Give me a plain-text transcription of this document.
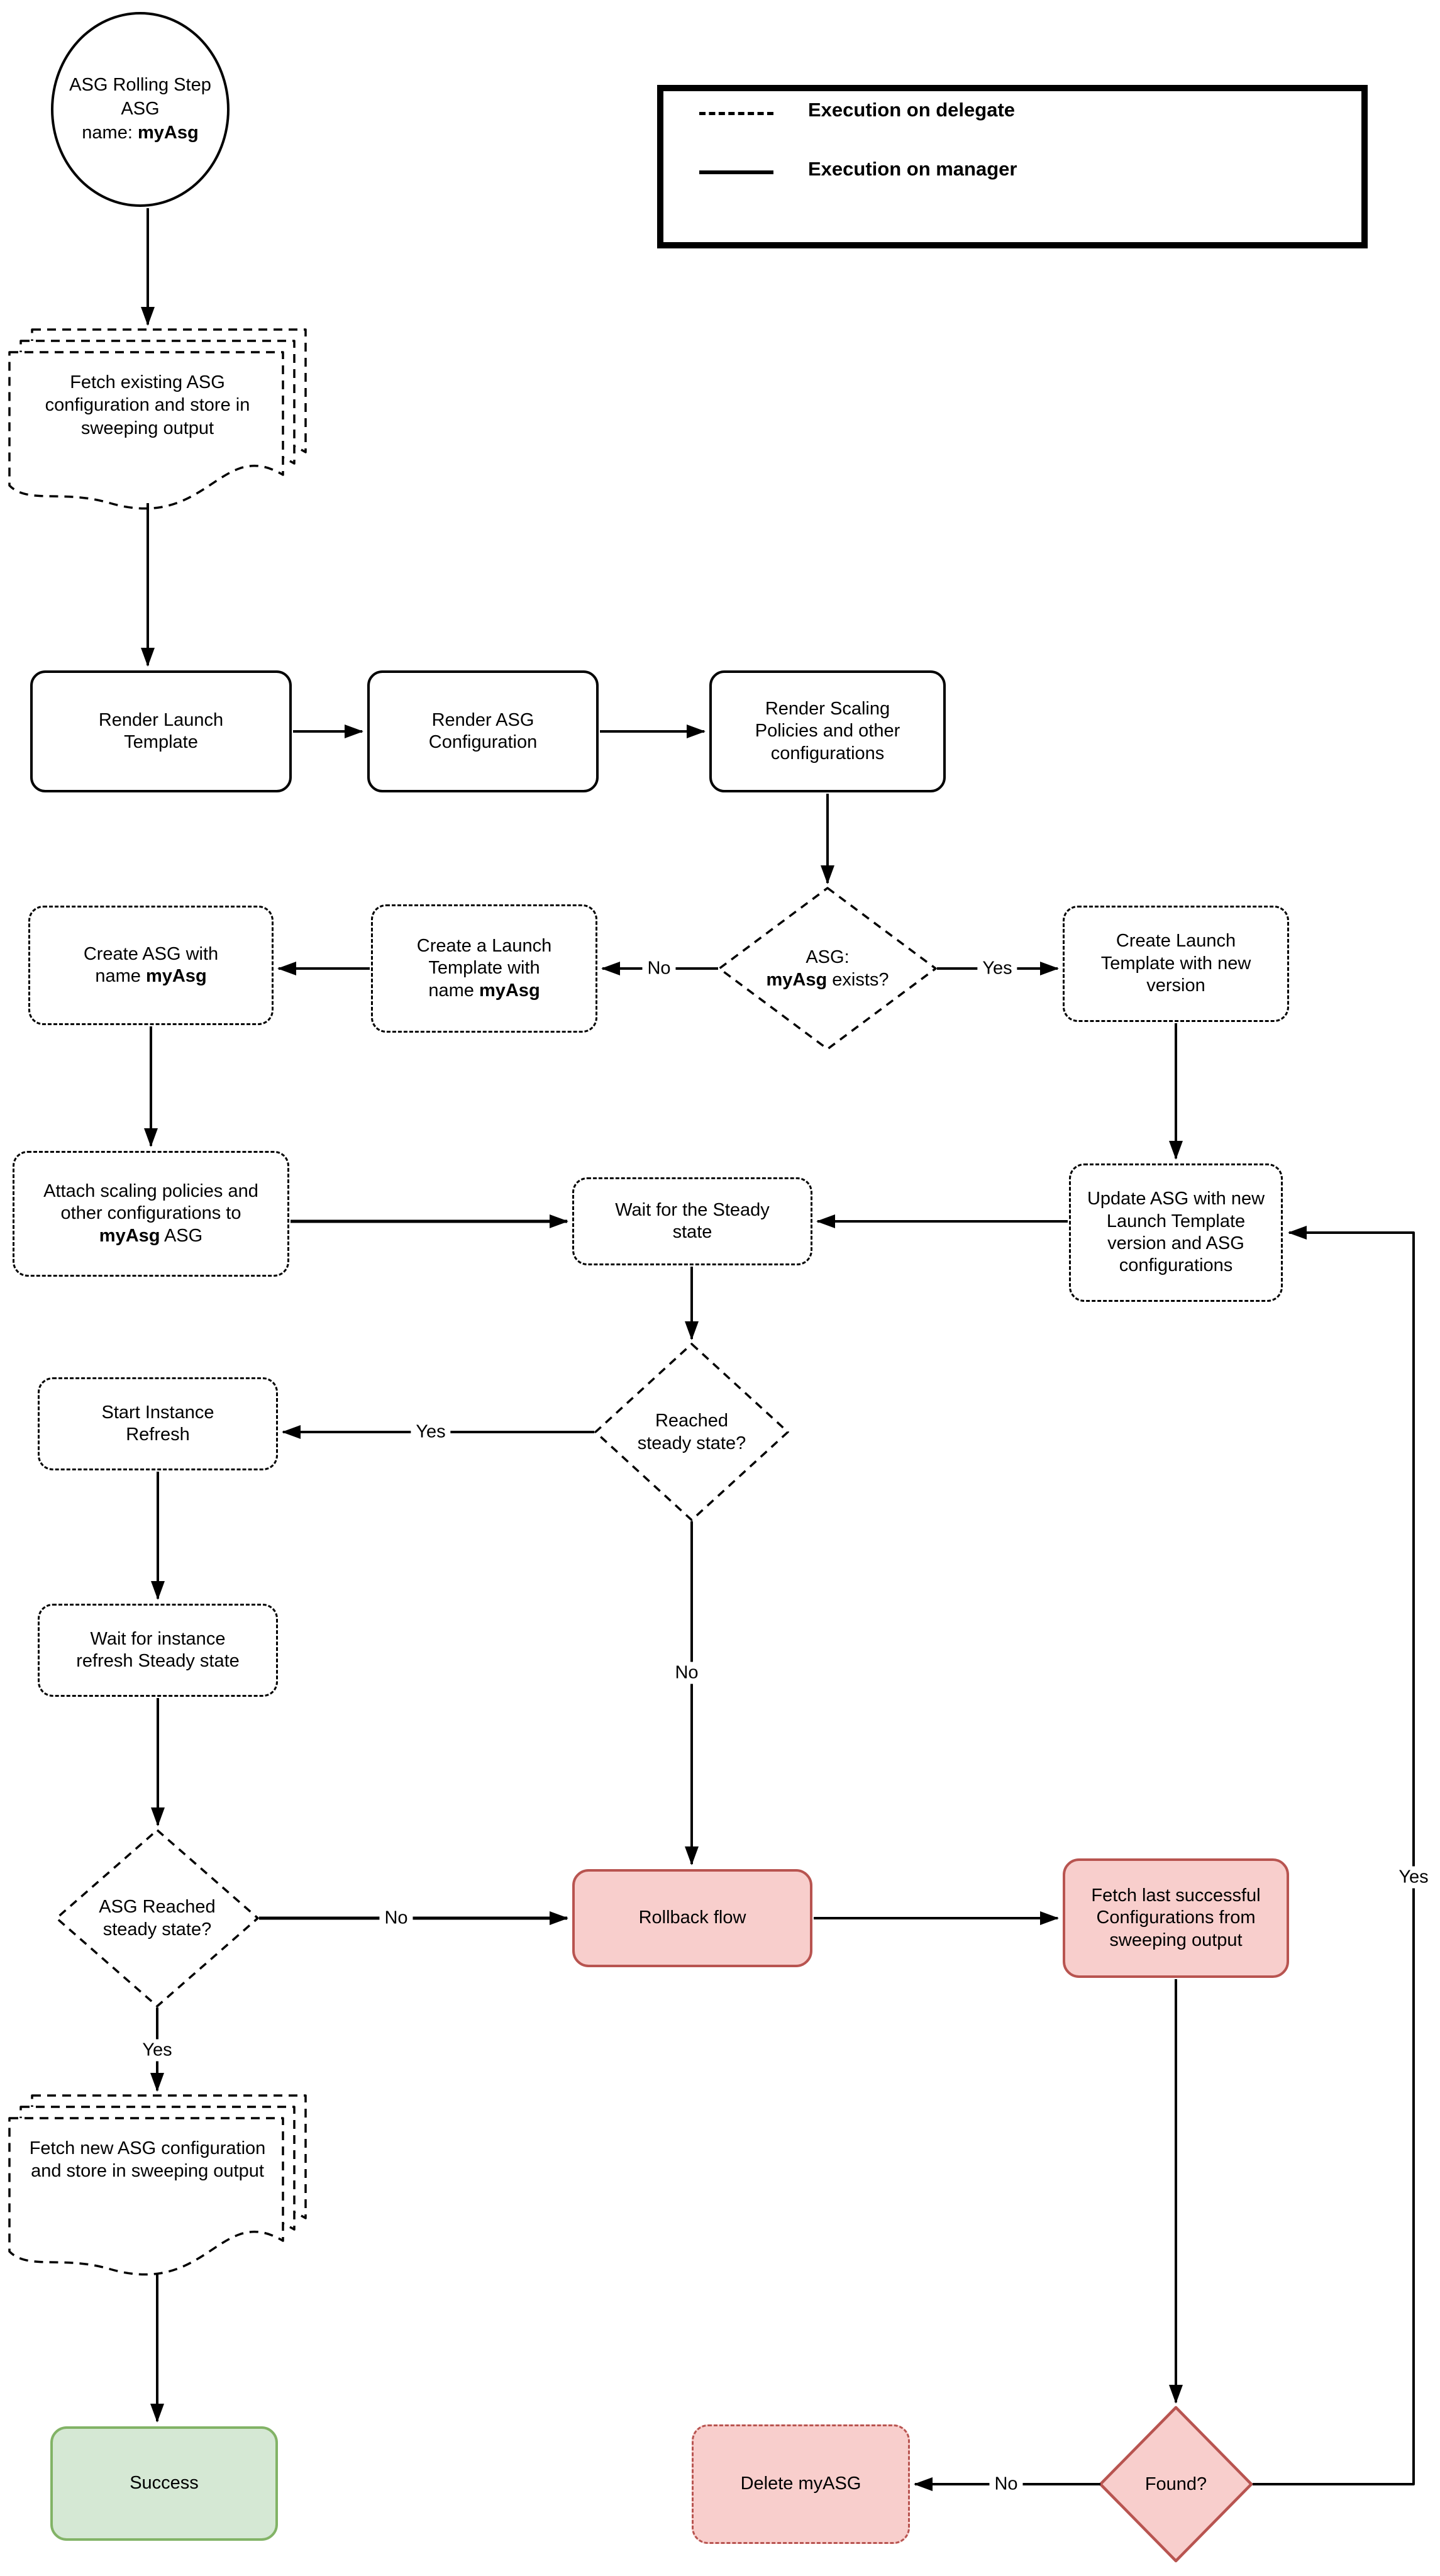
Execution on delegate
Execution on manager
ASG Rolling Step
ASG
name: myAsg
Fetch existing ASG configuration and store in sweeping output
Fetch new ASG configuration and store in sweeping output
Render Launch Template
Render ASG Configuration
Render Scaling Policies and other configurations
Create a Launch Template with name myAsg
Create ASG with name myAsg
Create Launch Template with new version
Attach scaling policies and other configurations to myAsg ASG
Wait for the Steady state
Update ASG with new Launch Template version and ASG configurations
Start Instance Refresh
Wait for instance refresh Steady state
Rollback flow
Fetch last successful Configurations from sweeping output
Success	Delete myASG
ASG:
myAsg exists?
Reached steady state?
ASG Reached steady state?
Found?
No	Yes
Yes
No
No
Yes
Yes
No
